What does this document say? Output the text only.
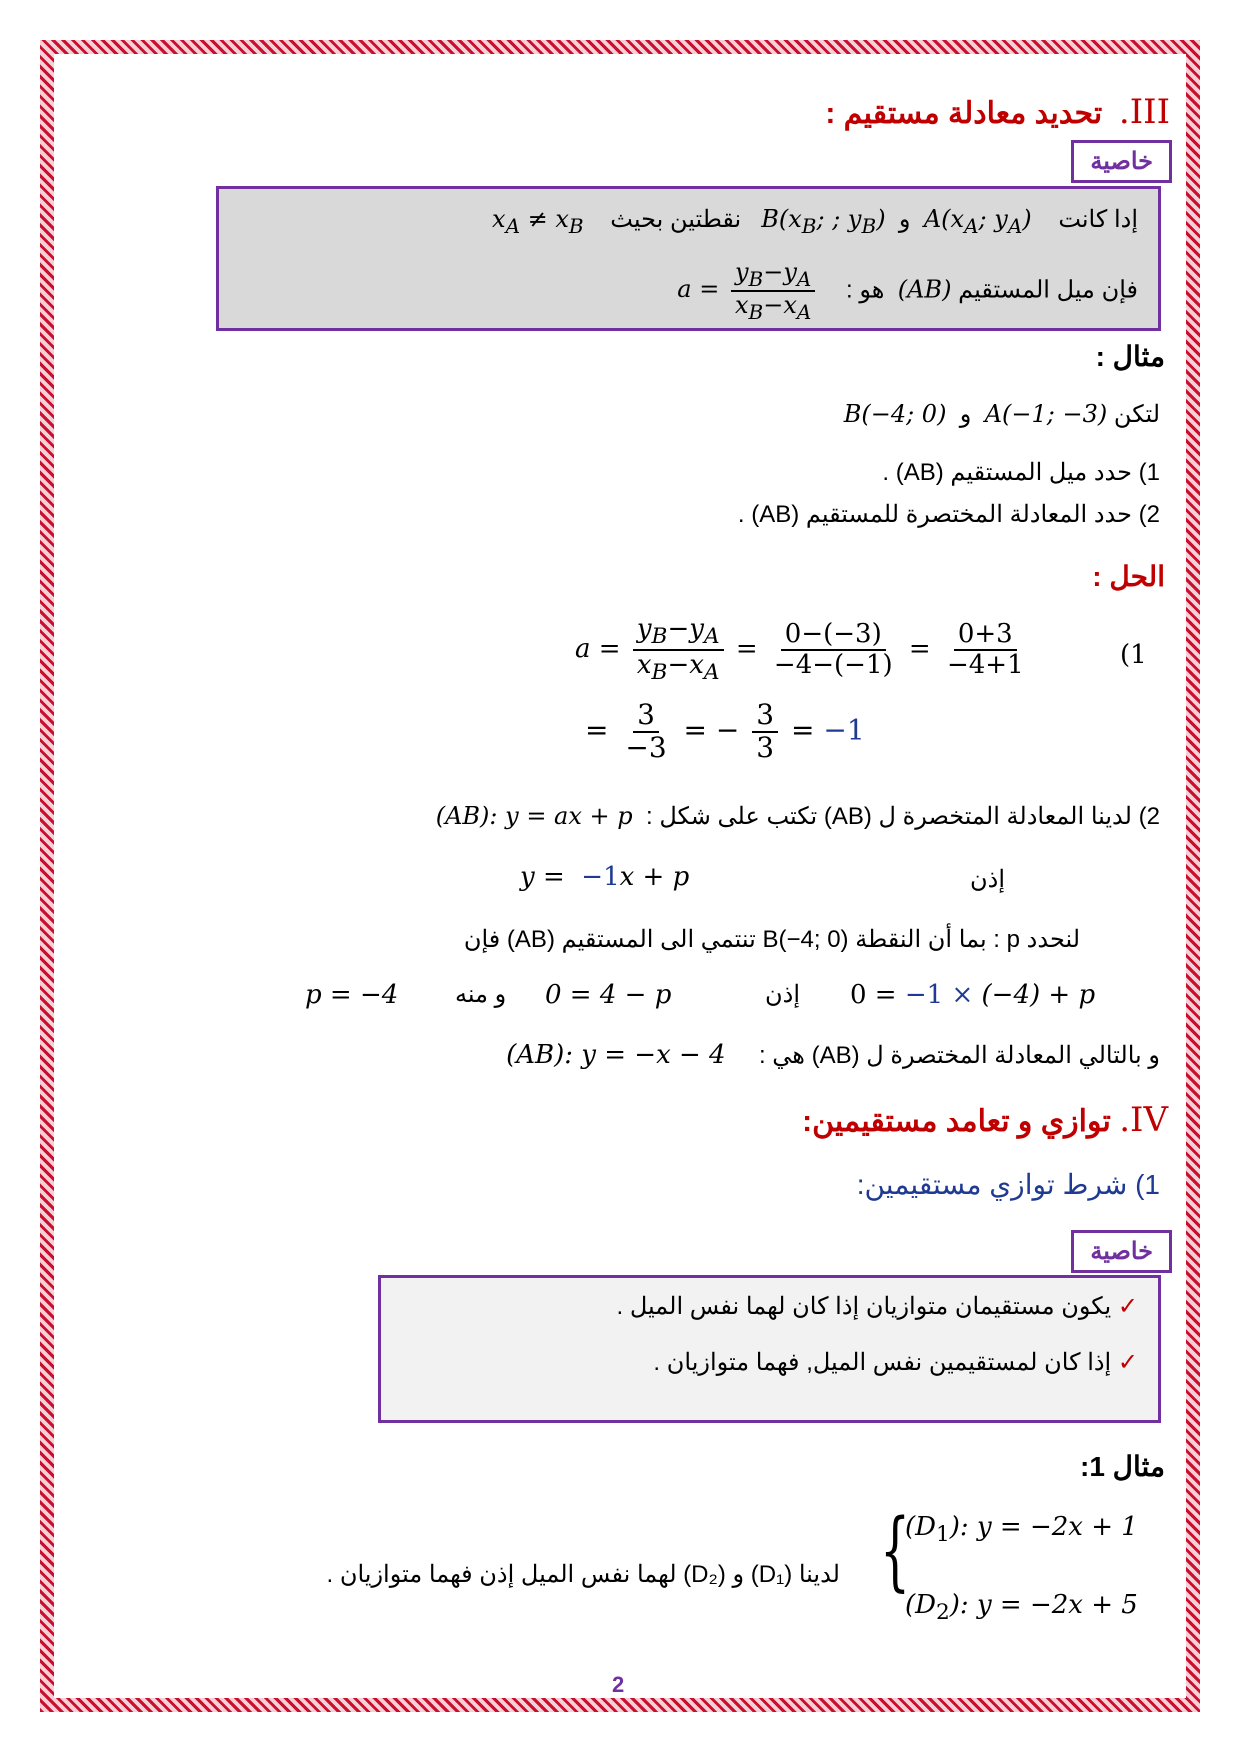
III.  تحديد معادلة مستقيم :
خاصية
إدا كانت    $A(x_A$; $y_A$)  و  $B(x_B$; ; $y_B$)   نقطتين بحيث    $x_A \ne x_B$
فإن ميل المستقيم (AB)  هو :    $a = \frac{y_B-y_A}{x_B-x_A}$
مثال :
لتكن A(−1; −3)  و  B(−4; 0)
1) حدد ميل المستقيم (AB) .
2) حدد المعادلة المختصرة للمستقيم (AB) .
الحل :
(1
$a = \frac{y_B-y_A}{x_B-x_A} = \frac{0-(-3)}{-4-(-1)} = \frac{0+3}{-4+1}$
= $\frac{3}{-3}$ = − $\frac{3}{3} = -1$
2) لدينا المعادلة المتخصرة ل (AB) تكتب على شكل :  (AB): y = ax + p
إذن
y = −1x + p
لنحدد p : بما أن النقطة B(−4; 0) تنتمي الى المستقيم (AB) فإن
p = −4 و منه 0 = 4 − p	إذن 0 = −1 × (−4) + p
و بالتالي المعادلة المختصرة ل (AB) هي :     (AB): y = −x − 4
IV. توازي و تعامد مستقيمين:
1) شرط توازي مستقيمين:
خاصية
✓ يكون مستقيمان متوازيان إذا كان لهما نفس الميل .
✓ إذا كان لمستقيمين نفس الميل, فهما متوازيان .
مثال 1:
{
$(D_1)$: y = −2x + 1
$(D_2)$: y = −2x + 5
لدينا (D₁) و (D₂) لهما نفس الميل إذن فهما متوازيان .
2
